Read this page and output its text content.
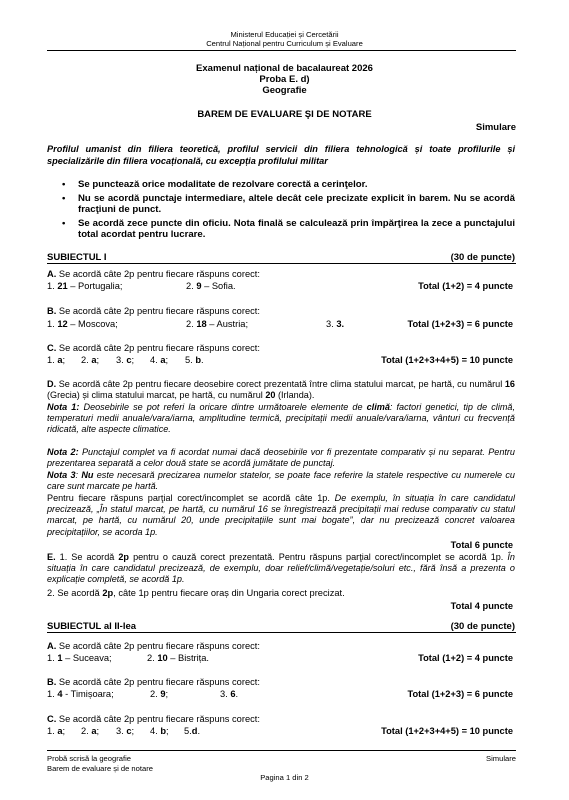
Ministerul Educației și Cercetării
Centrul Național pentru Curriculum și Evaluare
Examenul național de bacalaureat 2026
Proba E. d)
Geografie
BAREM DE EVALUARE ŞI DE NOTARE
Simulare
Profilul umanist din filiera teoretică, profilul servicii din filiera tehnologică și toate profilurile și specializările din filiera vocațională, cu excepția profilului militar
• Se punctează orice modalitate de rezolvare corectă a cerinţelor.
• Nu se acordă punctaje intermediare, altele decât cele precizate explicit în barem. Nu se acordă fracţiuni de punct.
• Se acordă zece puncte din oficiu. Nota finală se calculează prin împărţirea la zece a punctajului total acordat pentru lucrare.
SUBIECTUL I	(30 de puncte)
A. Se acordă câte 2p pentru fiecare răspuns corect:
1. 21 – Portugalia;	2. 9 – Sofia.	Total (1+2) = 4 puncte
B. Se acordă câte 2p pentru fiecare răspuns corect:
1. 12 – Moscova;	2. 18 – Austria;	3. 3.	Total (1+2+3) = 6 puncte
C. Se acordă câte 2p pentru fiecare răspuns corect:
1. a; 2. a; 3. c; 4. a; 5. b.	Total (1+2+3+4+5) = 10 puncte
D. Se acordă câte 2p pentru fiecare deosebire corect prezentată între clima statului marcat, pe hartă, cu numărul 16 (Grecia) și clima statului marcat, pe hartă, cu numărul 20 (Irlanda).
Nota 1: Deosebirile se pot referi la oricare dintre următoarele elemente de climă: factori genetici, tip de climă, temperaturi medii anuale/vara/iarna, amplitudine termică, precipitații medii anuale/vara/iarna, vânturi cu frecvență ridicată, alte aspecte climatice.
Nota 2: Punctajul complet va fi acordat numai dacă deosebirile vor fi prezentate comparativ și nu separat. Pentru prezentarea separată a celor două state se acordă jumătate de punctaj.
Nota 3: Nu este necesară precizarea numelor statelor, se poate face referire la statele respective cu numerele cu care sunt marcate pe hartă.
Pentru fiecare răspuns parţial corect/incomplet se acordă câte 1p. De exemplu, în situația în care candidatul precizează, „În statul marcat, pe hartă, cu numărul 16 se înregistrează precipitații mai reduse comparativ cu statul marcat, pe hartă, cu numărul 20, unde precipitațiile sunt mai bogate”, dar nu precizează concret valoarea precipitațiilor, se acorda 1p.
Total 6 puncte
E. 1. Se acordă 2p pentru o cauză corect prezentată. Pentru răspuns parţial corect/incomplet se acordă 1p. În situația în care candidatul precizează, de exemplu, doar relief/climă/vegetație/soluri etc., fără însă a prezenta o explicație completă, se acordă 1p.
2. Se acordă 2p, câte 1p pentru fiecare oraș din Ungaria corect precizat.
Total 4 puncte
SUBIECTUL al II-lea	(30 de puncte)
A. Se acordă câte 2p pentru fiecare răspuns corect:
1. 1 – Suceava;	2. 10 – Bistrița.	Total (1+2) = 4 puncte
B. Se acordă câte 2p pentru fiecare răspuns corect:
1. 4 - Timișoara;	2. 9;	3. 6.	Total (1+2+3) = 6 puncte
C. Se acordă câte 2p pentru fiecare răspuns corect:
1. a; 2. a; 3. c; 4. b; 5.d.	Total (1+2+3+4+5) = 10 puncte
Probă scrisă la geografie
Barem de evaluare și de notare
Simulare
Pagina 1 din 2
